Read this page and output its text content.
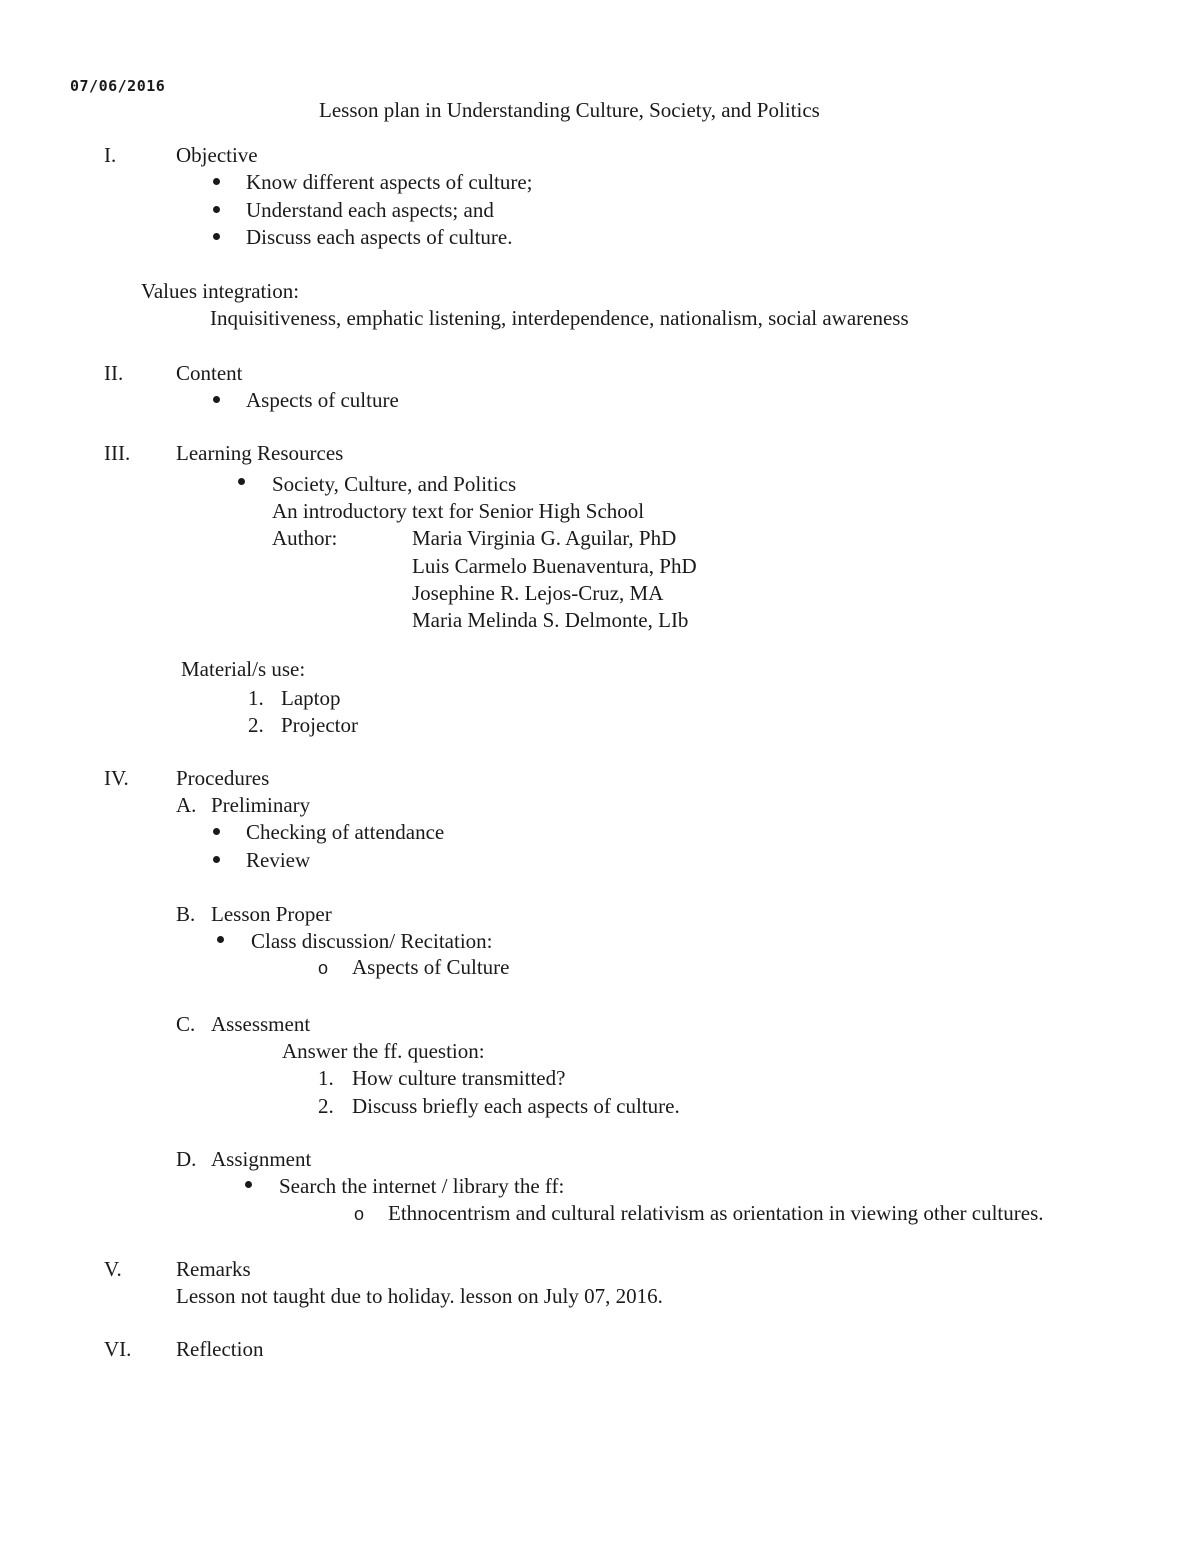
07/06/2016
Lesson plan in Understanding Culture, Society, and Politics
I.	Objective
Know different aspects of culture;
Understand each aspects; and
Discuss each aspects of culture.
Values integration:
Inquisitiveness, emphatic listening, interdependence, nationalism, social awareness
II.	Content
Aspects of culture
III. Learning Resources
Society, Culture, and Politics
An introductory text for Senior High School
Author:	Maria Virginia G. Aguilar, PhD
Luis Carmelo Buenaventura, PhD
Josephine R. Lejos-Cruz, MA
Maria Melinda S. Delmonte, LIb
Material/s use:
1. Laptop
2. Projector
IV. Procedures
A. Preliminary
Checking of attendance
Review
B. Lesson Proper
Class discussion/ Recitation:
o Aspects of Culture
C. Assessment
Answer the ff. question:
1. How culture transmitted?
2. Discuss briefly each aspects of culture.
D. Assignment
Search the internet / library the ff:
o Ethnocentrism and cultural relativism as orientation in viewing other cultures.
V.	Remarks
Lesson not taught due to holiday. lesson on July 07, 2016.
VI. Reflection
